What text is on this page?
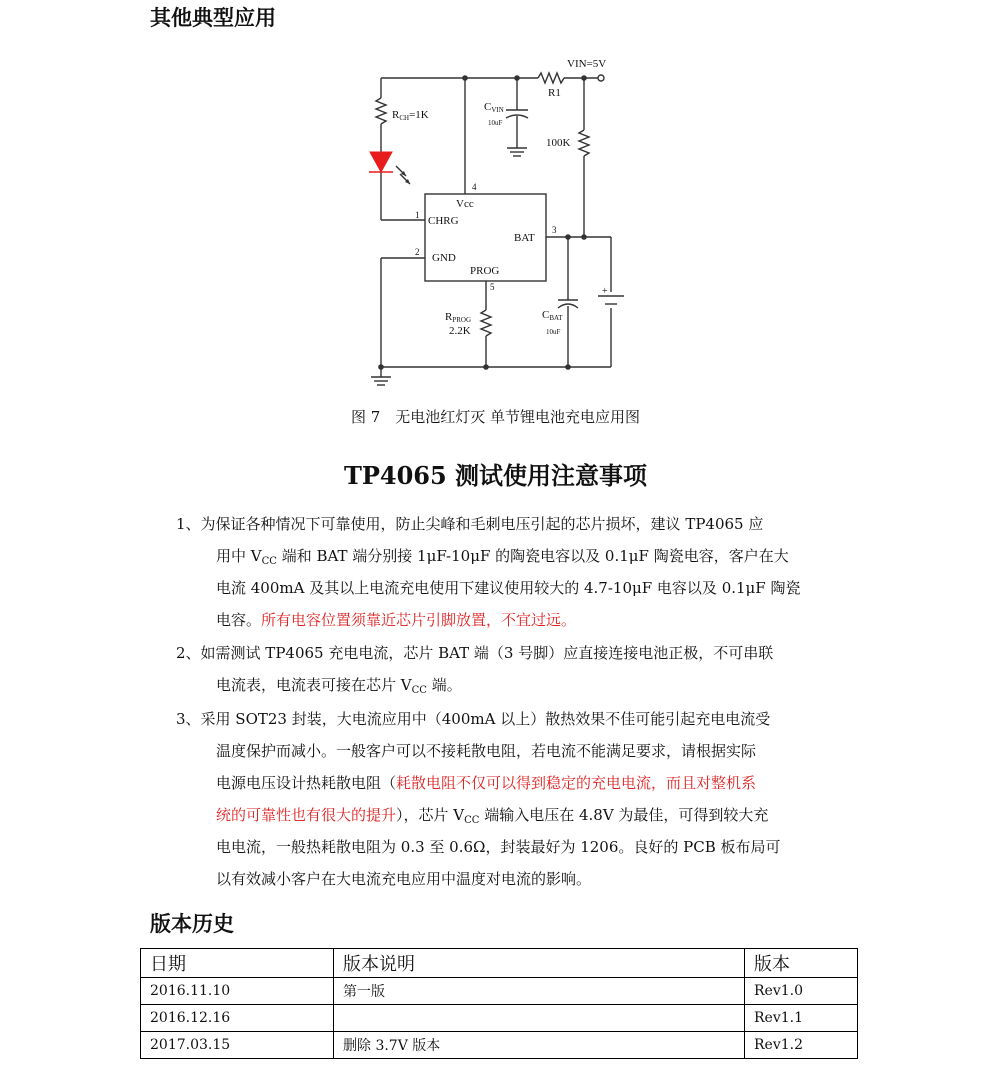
其他典型应用
VIN=5V
R1
CVIN
10uF
RCH=1K
100K
Vcc
CHRG
GND
BAT
PROG
1
2
3
4
5
RPROG
2.2K
CBAT
10uF
+
图 7　无电池红灯灭 单节锂电池充电应用图
TP4065 测试使用注意事项
1、为保证各种情况下可靠使用，防止尖峰和毛刺电压引起的芯片损坏，建议 TP4065 应
用中 $V_{CC}$ 端和 BAT 端分别接 1μF-10μF 的陶瓷电容以及 0.1μF 陶瓷电容，客户在大
电流 400mA 及其以上电流充电使用下建议使用较大的 4.7-10μF 电容以及 0.1μF 陶瓷
电容。所有电容位置须靠近芯片引脚放置，不宜过远。
2、如需测试 TP4065 充电电流，芯片 BAT 端（3 号脚）应直接连接电池正极，不可串联
电流表，电流表可接在芯片 $V_{CC}$ 端。
3、采用 SOT23 封装，大电流应用中（400mA 以上）散热效果不佳可能引起充电电流受
温度保护而减小。一般客户可以不接耗散电阻，若电流不能满足要求，请根据实际
电源电压设计热耗散电阻（耗散电阻不仅可以得到稳定的充电电流，而且对整机系
统的可靠性也有很大的提升），芯片 $V_{CC}$ 端输入电压在 4.8V 为最佳，可得到较大充
电电流，一般热耗散电阻为 0.3 至 0.6Ω，封装最好为 1206。良好的 PCB 板布局可
以有效减小客户在大电流充电应用中温度对电流的影响。
版本历史
日期	版本说明	版本
2016.11.10	第一版	Rev1.0
2016.12.16		Rev1.1
2017.03.15	删除 3.7V 版本	Rev1.2
